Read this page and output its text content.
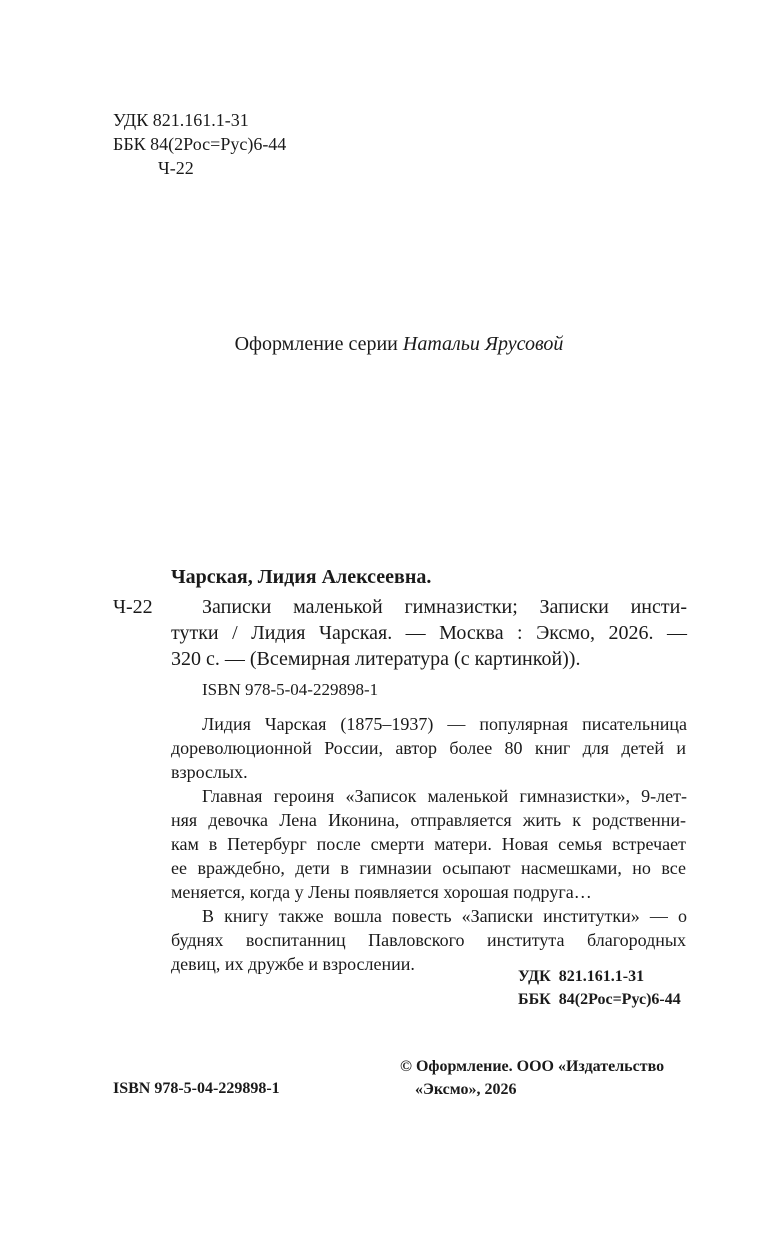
УДК 821.161.1-31
ББК 84(2Рос=Рус)6-44
Ч-22
Оформление серии Натальи Ярусовой
Чарская, Лидия Алексеевна.
Ч-22 Записки маленькой гимназистки; Записки инсти-
тутки / Лидия Чарская. — Москва : Эксмо, 2026. —
320 с. — (Всемирная литература (с картинкой)).
ISBN 978-5-04-229898-1
Лидия Чарская (1875–1937) — популярная писательница
дореволюционной России, автор более 80 книг для детей и
взрослых.
Главная героиня «Записок маленькой гимназистки», 9-лет-
няя девочка Лена Иконина, отправляется жить к родственни-
кам в Петербург после смерти матери. Новая семья встречает
ее враждебно, дети в гимназии осыпают насмешками, но все
меняется, когда у Лены появляется хорошая подруга…
В книгу также вошла повесть «Записки институтки» — о
буднях воспитанниц Павловского института благородных
девиц, их дружбе и взрослении.
УДК  821.161.1-31
ББК  84(2Рос=Рус)6-44
© Оформление. ООО «Издательство
«Эксмо», 2026
ISBN 978-5-04-229898-1
